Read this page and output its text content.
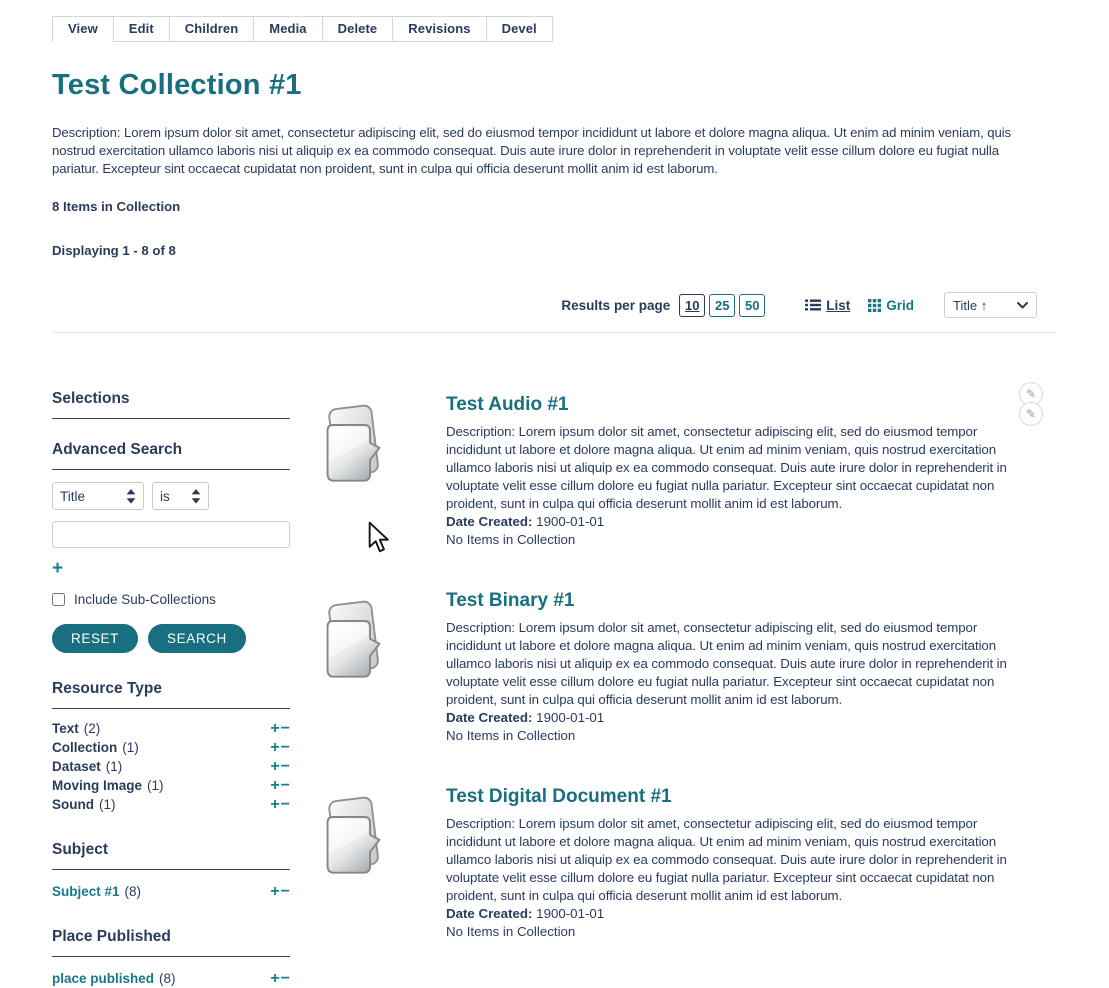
View	Edit	Children	Media	Delete	Revisions	Devel
Test Collection #1

Description: Lorem ipsum dolor sit amet, consectetur adipiscing elit, sed do eiusmod tempor incididunt ut labore et dolore magna aliqua. Ut enim ad minim veniam, quis nostrud exercitation ullamco laboris nisi ut aliquip ex ea commodo consequat. Duis aute irure dolor in reprehenderit in voluptate velit esse cillum dolore eu fugiat nulla pariatur. Excepteur sint occaecat cupidatat non proident, sunt in culpa qui officia deserunt mollit anim id est laborum.

8 Items in Collection

Displaying 1 - 8 of 8

Results per page 10 25 50	List	Grid	Title ↑
Selections
Advanced Search
Title	is
+
Include Sub-Collections
RESET	SEARCH
Resource Type
Text (2)	+ −
Collection (1)	+ −
Dataset (1)	+ −
Moving Image (1)	+ −
Sound (1)	+ −
Subject
Subject #1 (8)	+ −
Place Published
place published (8)	+ −
Test Audio #1

Description: Lorem ipsum dolor sit amet, consectetur adipiscing elit, sed do eiusmod tempor incididunt ut labore et dolore magna aliqua. Ut enim ad minim veniam, quis nostrud exercitation ullamco laboris nisi ut aliquip ex ea commodo consequat. Duis aute irure dolor in reprehenderit in voluptate velit esse cillum dolore eu fugiat nulla pariatur. Excepteur sint occaecat cupidatat non proident, sunt in culpa qui officia deserunt mollit anim id est laborum.

Date Created: 1900-01-01

No Items in Collection

✎
✎
Test Binary #1

Description: Lorem ipsum dolor sit amet, consectetur adipiscing elit, sed do eiusmod tempor incididunt ut labore et dolore magna aliqua. Ut enim ad minim veniam, quis nostrud exercitation ullamco laboris nisi ut aliquip ex ea commodo consequat. Duis aute irure dolor in reprehenderit in voluptate velit esse cillum dolore eu fugiat nulla pariatur. Excepteur sint occaecat cupidatat non proident, sunt in culpa qui officia deserunt mollit anim id est laborum.

Date Created: 1900-01-01

No Items in Collection

Test Digital Document #1

Description: Lorem ipsum dolor sit amet, consectetur adipiscing elit, sed do eiusmod tempor incididunt ut labore et dolore magna aliqua. Ut enim ad minim veniam, quis nostrud exercitation ullamco laboris nisi ut aliquip ex ea commodo consequat. Duis aute irure dolor in reprehenderit in voluptate velit esse cillum dolore eu fugiat nulla pariatur. Excepteur sint occaecat cupidatat non proident, sunt in culpa qui officia deserunt mollit anim id est laborum.

Date Created: 1900-01-01

No Items in Collection
